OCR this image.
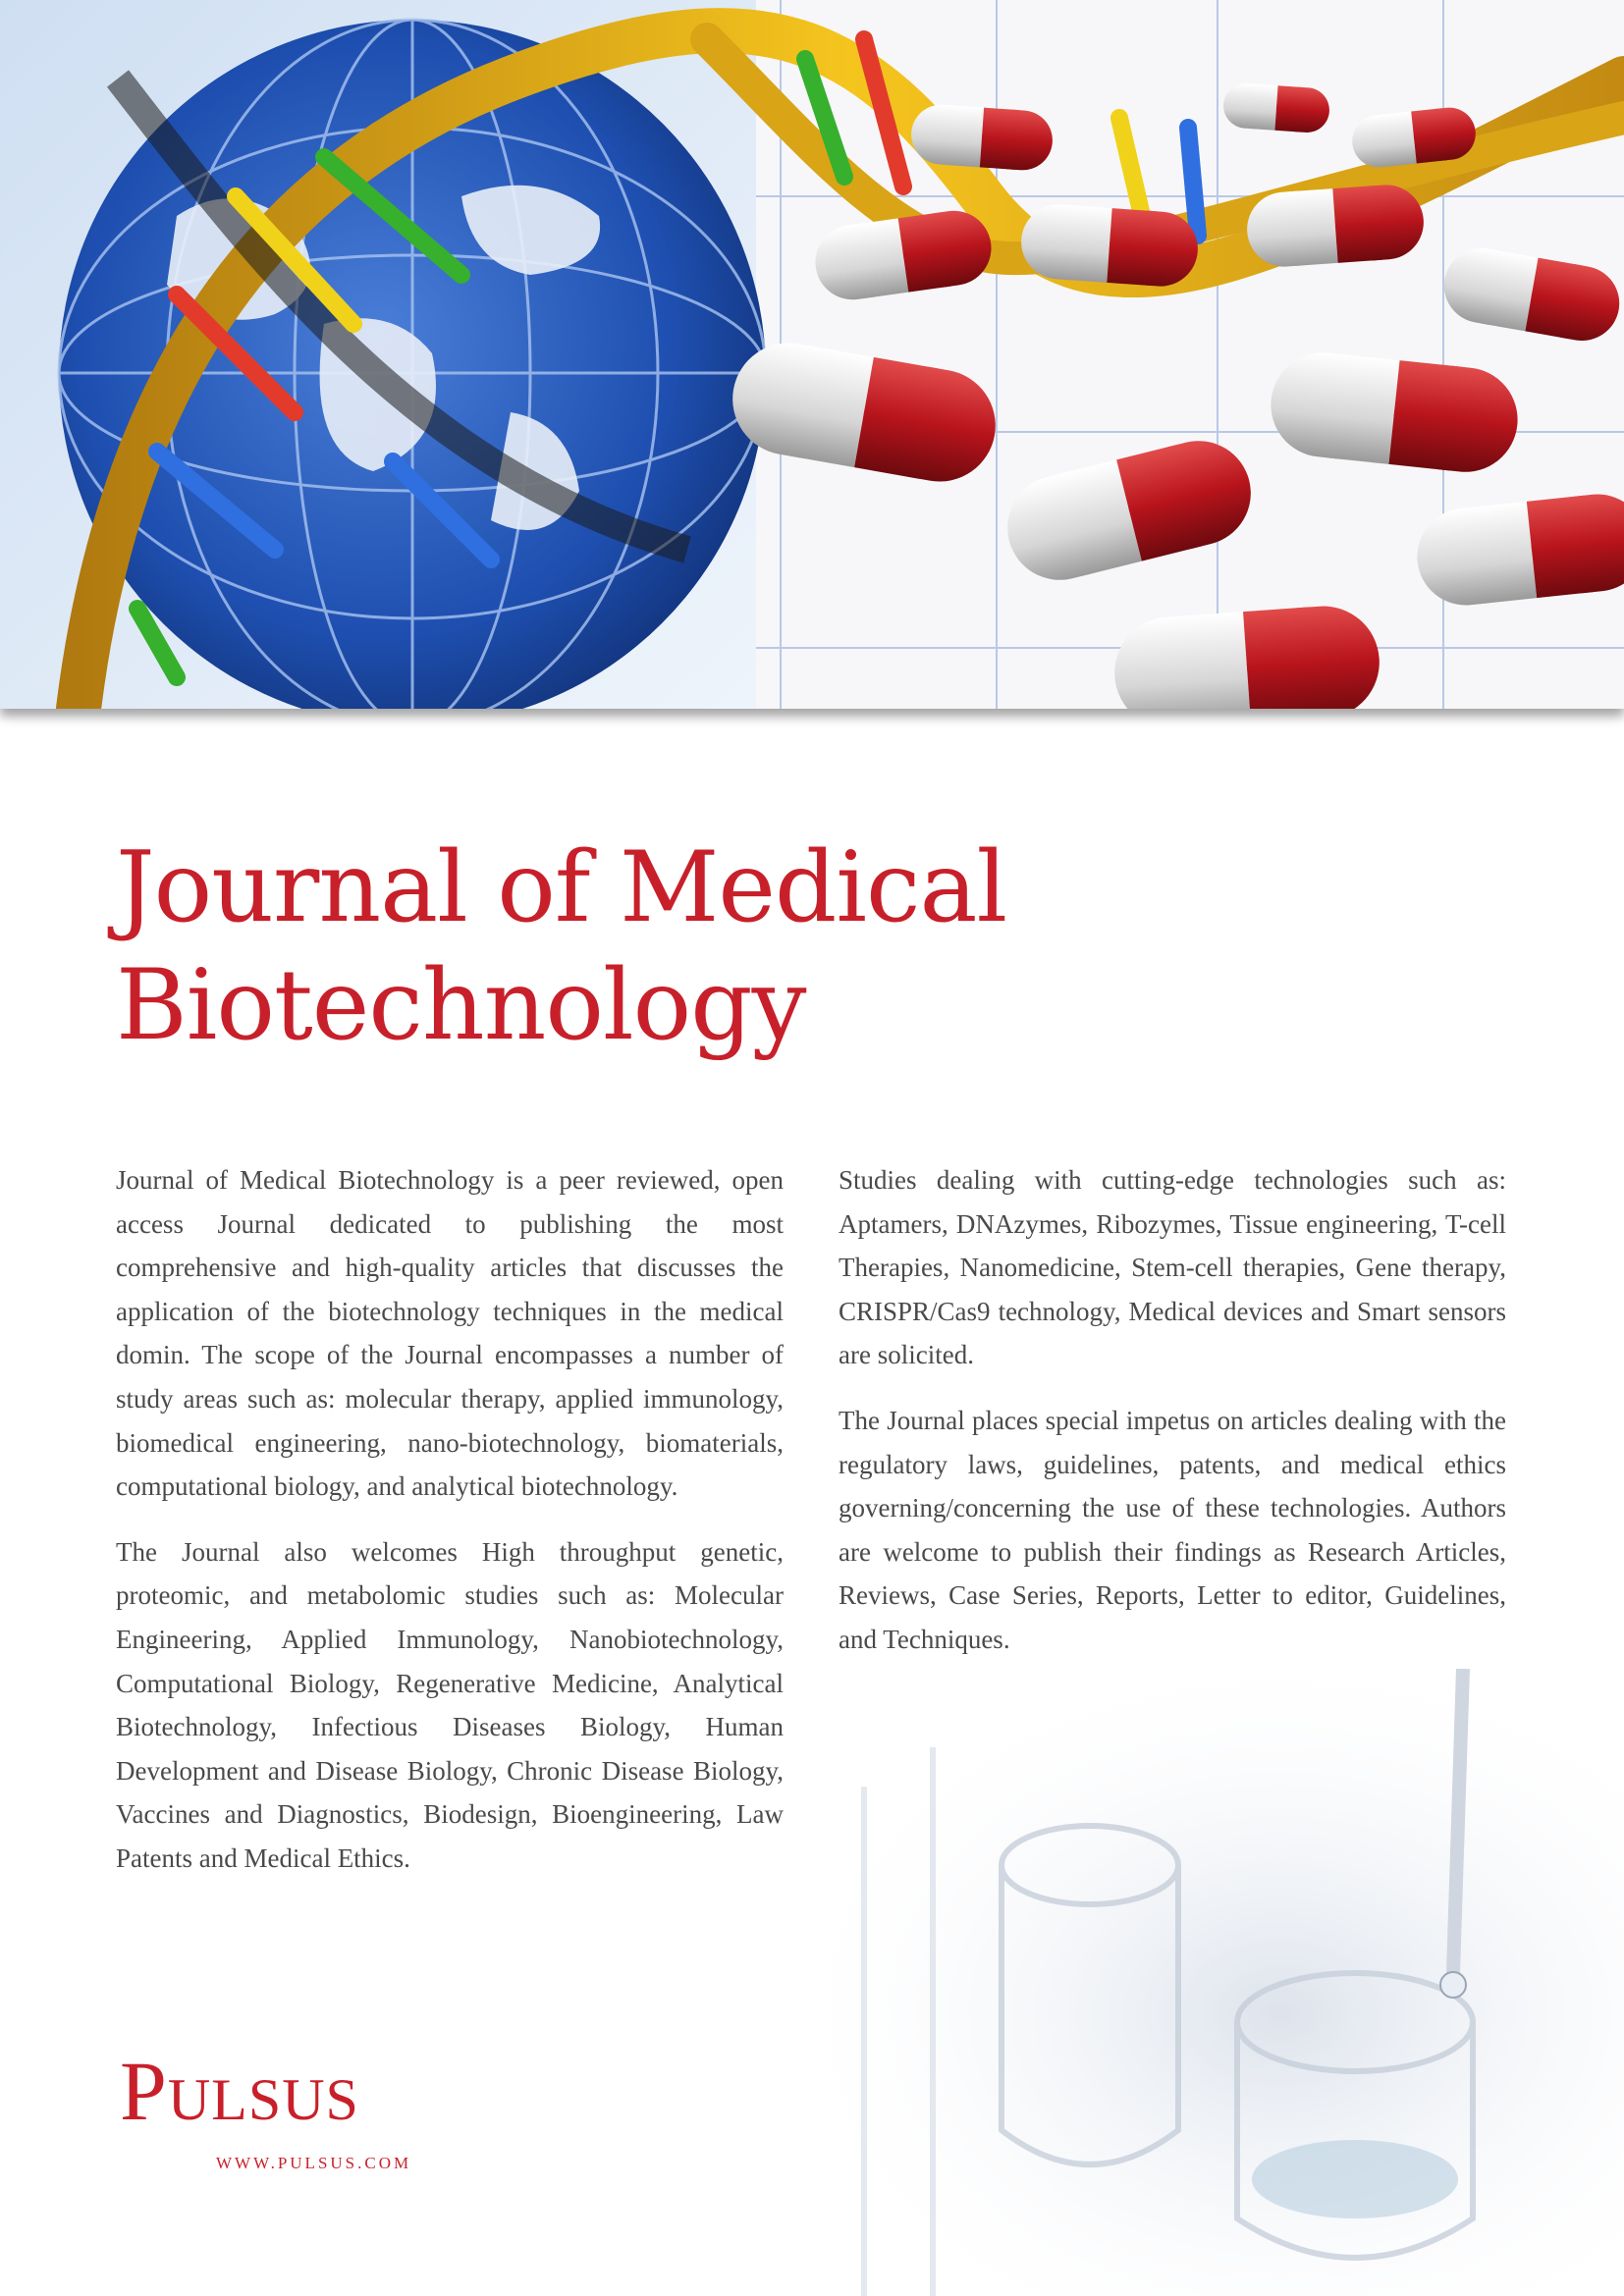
Journal of Medical
Biotechnology

Journal of Medical Biotechnology is a peer reviewed, open access Journal dedicated to publishing the most comprehensive and high-quality articles that discusses the application of the biotechnology techniques in the medical domin. The scope of the Journal encompasses a number of study areas such as: molecular therapy, applied immunology, biomedical engineering, nano-biotechnology, biomaterials, computational biology, and analytical biotechnology.

The Journal also welcomes High throughput genetic, proteomic, and metabolomic studies such as: Molecular Engineering, Applied Immunology, Nanobiotechnology, Computational Biology, Regenerative Medicine, Analytical Biotechnology, Infectious Diseases Biology, Human Development and Disease Biology, Chronic Disease Biology, Vaccines and Diagnostics, Biodesign, Bioengineering, Law Patents and Medical Ethics.

Studies dealing with cutting-edge technologies such as: Aptamers, DNAzymes, Ribozymes, Tissue engineering, T-cell Therapies, Nanomedicine, Stem-cell therapies, Gene therapy, CRISPR/Cas9 technology, Medical devices and Smart sensors are solicited.

The Journal places special impetus on articles dealing with the regulatory laws, guidelines, patents, and medical ethics governing/concerning the use of these technologies. Authors are welcome to publish their findings as Research Articles, Reviews, Case Series, Reports, Letter to editor, Guidelines, and Techniques.

PULSUS
WWW.PULSUS.COM
